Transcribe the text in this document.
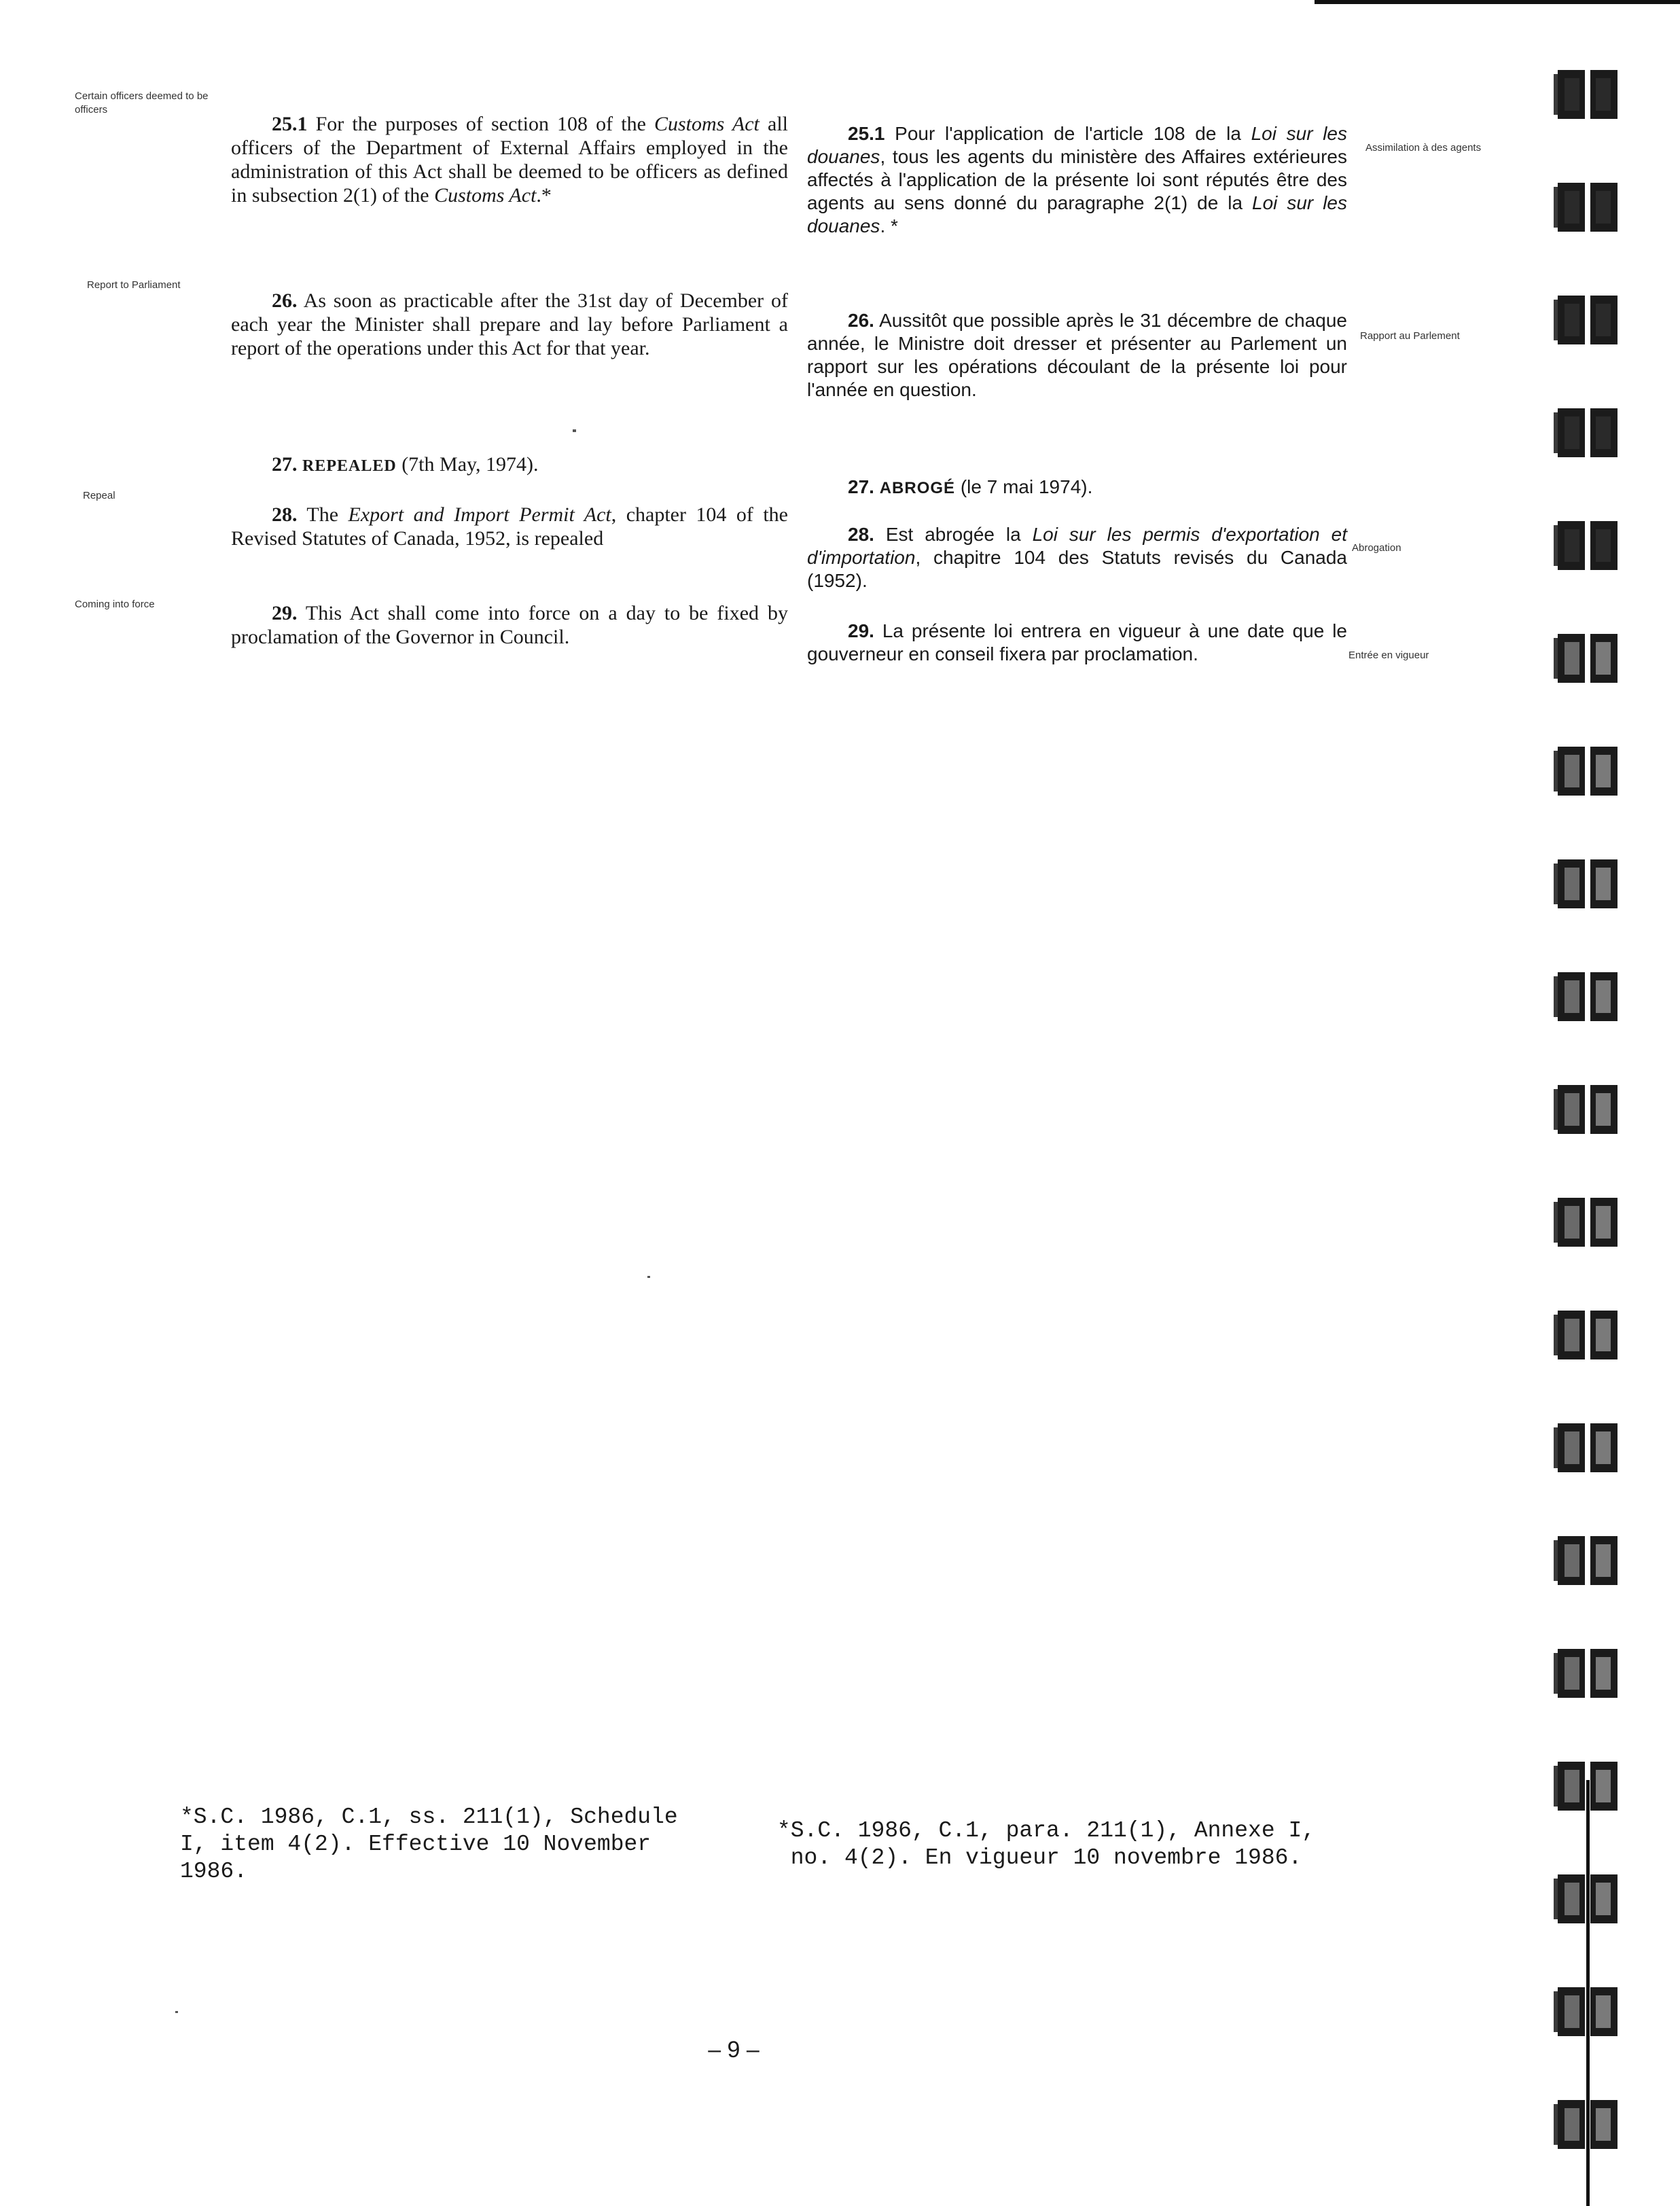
Certain officers deemed to be officers
Report to Parliament
Repeal
Coming into force
25.1 For the purposes of section 108 of the Customs Act all officers of the Department of External Affairs employed in the administration of this Act shall be deemed to be officers as defined in subsection 2(1) of the Customs Act.*
26. As soon as practicable after the 31st day of December of each year the Minister shall prepare and lay before Parliament a report of the operations under this Act for that year.
27. REPEALED (7th May, 1974).
28. The Export and Import Permit Act, chapter 104 of the Revised Statutes of Canada, 1952, is repealed
29. This Act shall come into force on a day to be fixed by proclamation of the Governor in Council.
25.1 Pour l'application de l'article 108 de la Loi sur les douanes, tous les agents du ministère des Affaires extérieures affectés à l'application de la présente loi sont réputés être des agents au sens donné du paragraphe 2(1) de la Loi sur les douanes. *
26. Aussitôt que possible après le 31 décembre de chaque année, le Ministre doit dresser et présenter au Parlement un rapport sur les opérations découlant de la présente loi pour l'année en question.
27. ABROGÉ (le 7 mai 1974).
28. Est abrogée la Loi sur les permis d'exportation et d'importation, chapitre 104 des Statuts revisés du Canada (1952).
29. La présente loi entrera en vigueur à une date que le gouverneur en conseil fixera par proclamation.
Assimilation à des agents
Rapport au Parlement
Abrogation
Entrée en vigueur
*S.C. 1986, C.1, ss. 211(1), Schedule I, item 4(2). Effective 10 November 1986.
*S.C. 1986, C.1, para. 211(1), Annexe I, no. 4(2). En vigueur 10 novembre 1986.
– 9 –
